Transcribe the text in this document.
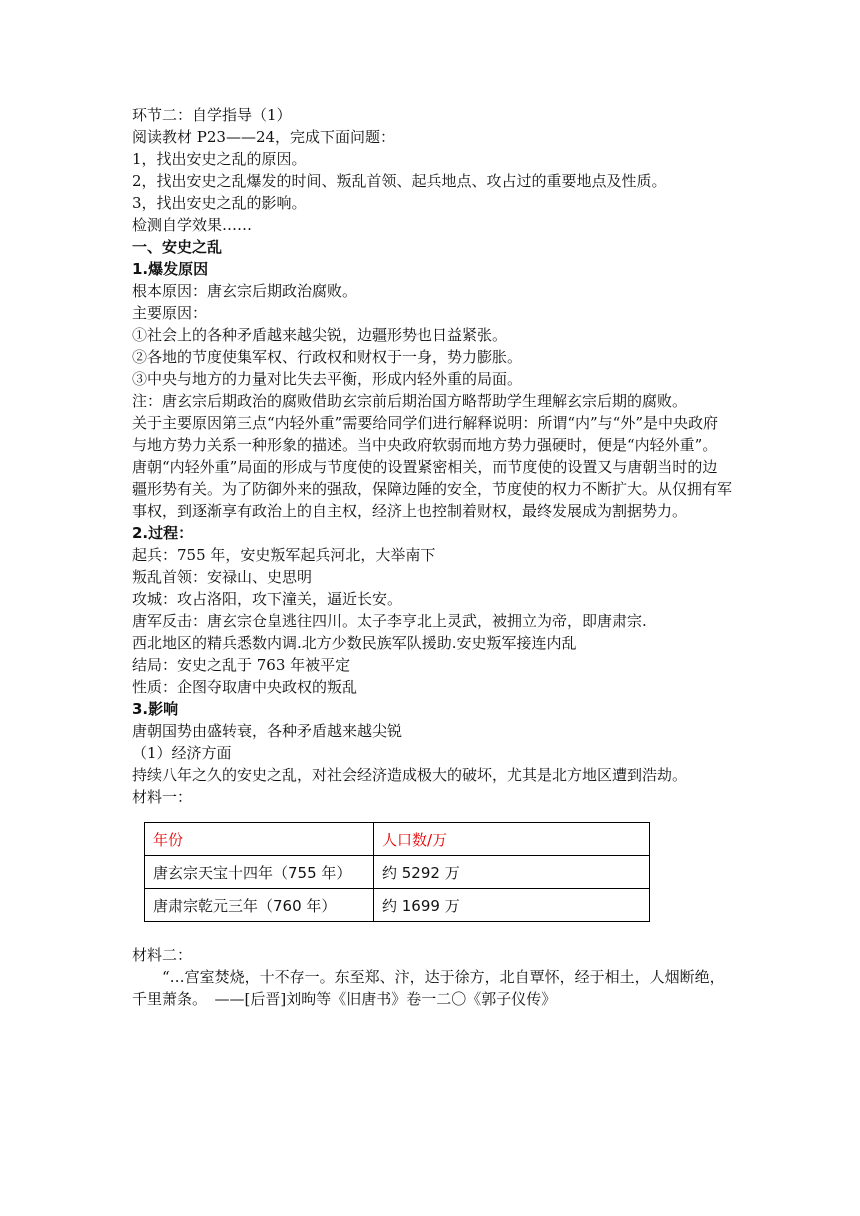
环节二：自学指导（1）
阅读教材 P23——24，完成下面问题：
1，找出安史之乱的原因。
2，找出安史之乱爆发的时间、叛乱首领、起兵地点、攻占过的重要地点及性质。
3，找出安史之乱的影响。
检测自学效果……
一、安史之乱
1.爆发原因
根本原因：唐玄宗后期政治腐败。
主要原因：
①社会上的各种矛盾越来越尖锐，边疆形势也日益紧张。
②各地的节度使集军权、行政权和财权于一身，势力膨胀。
③中央与地方的力量对比失去平衡，形成内轻外重的局面。
注：唐玄宗后期政治的腐败借助玄宗前后期治国方略帮助学生理解玄宗后期的腐败。
关于主要原因第三点“内轻外重”需要给同学们进行解释说明：所谓“内”与“外”是中央政府与地方势力关系一种形象的描述。当中央政府软弱而地方势力强硬时，便是“内轻外重”。唐朝“内轻外重”局面的形成与节度使的设置紧密相关，而节度使的设置又与唐朝当时的边疆形势有关。为了防御外来的强敌，保障边陲的安全，节度使的权力不断扩大。从仅拥有军事权，到逐渐享有政治上的自主权，经济上也控制着财权，最终发展成为割据势力。
2.过程：
起兵：755 年，安史叛军起兵河北，大举南下
叛乱首领：安禄山、史思明
攻城：攻占洛阳，攻下潼关，逼近长安。
唐军反击：唐玄宗仓皇逃往四川。太子李亨北上灵武，被拥立为帝，即唐肃宗.
西北地区的精兵悉数内调.北方少数民族军队援助.安史叛军接连内乱
结局：安史之乱于 763 年被平定
性质：企图夺取唐中央政权的叛乱
3.影响
唐朝国势由盛转衰，各种矛盾越来越尖锐
（1）经济方面
持续八年之久的安史之乱，对社会经济造成极大的破坏，尤其是北方地区遭到浩劫。
材料一：
年份	人口数/万
唐玄宗天宝十四年（755 年）	约 5292 万
唐肃宗乾元三年（760 年）	约 1699 万
材料二：
“…宫室焚烧，十不存一。东至郑、汴，达于徐方，北自覃怀，经于相土，人烟断绝，千里萧条。　——[后晋]刘昫等《旧唐书》卷一二〇《郭子仪传》
